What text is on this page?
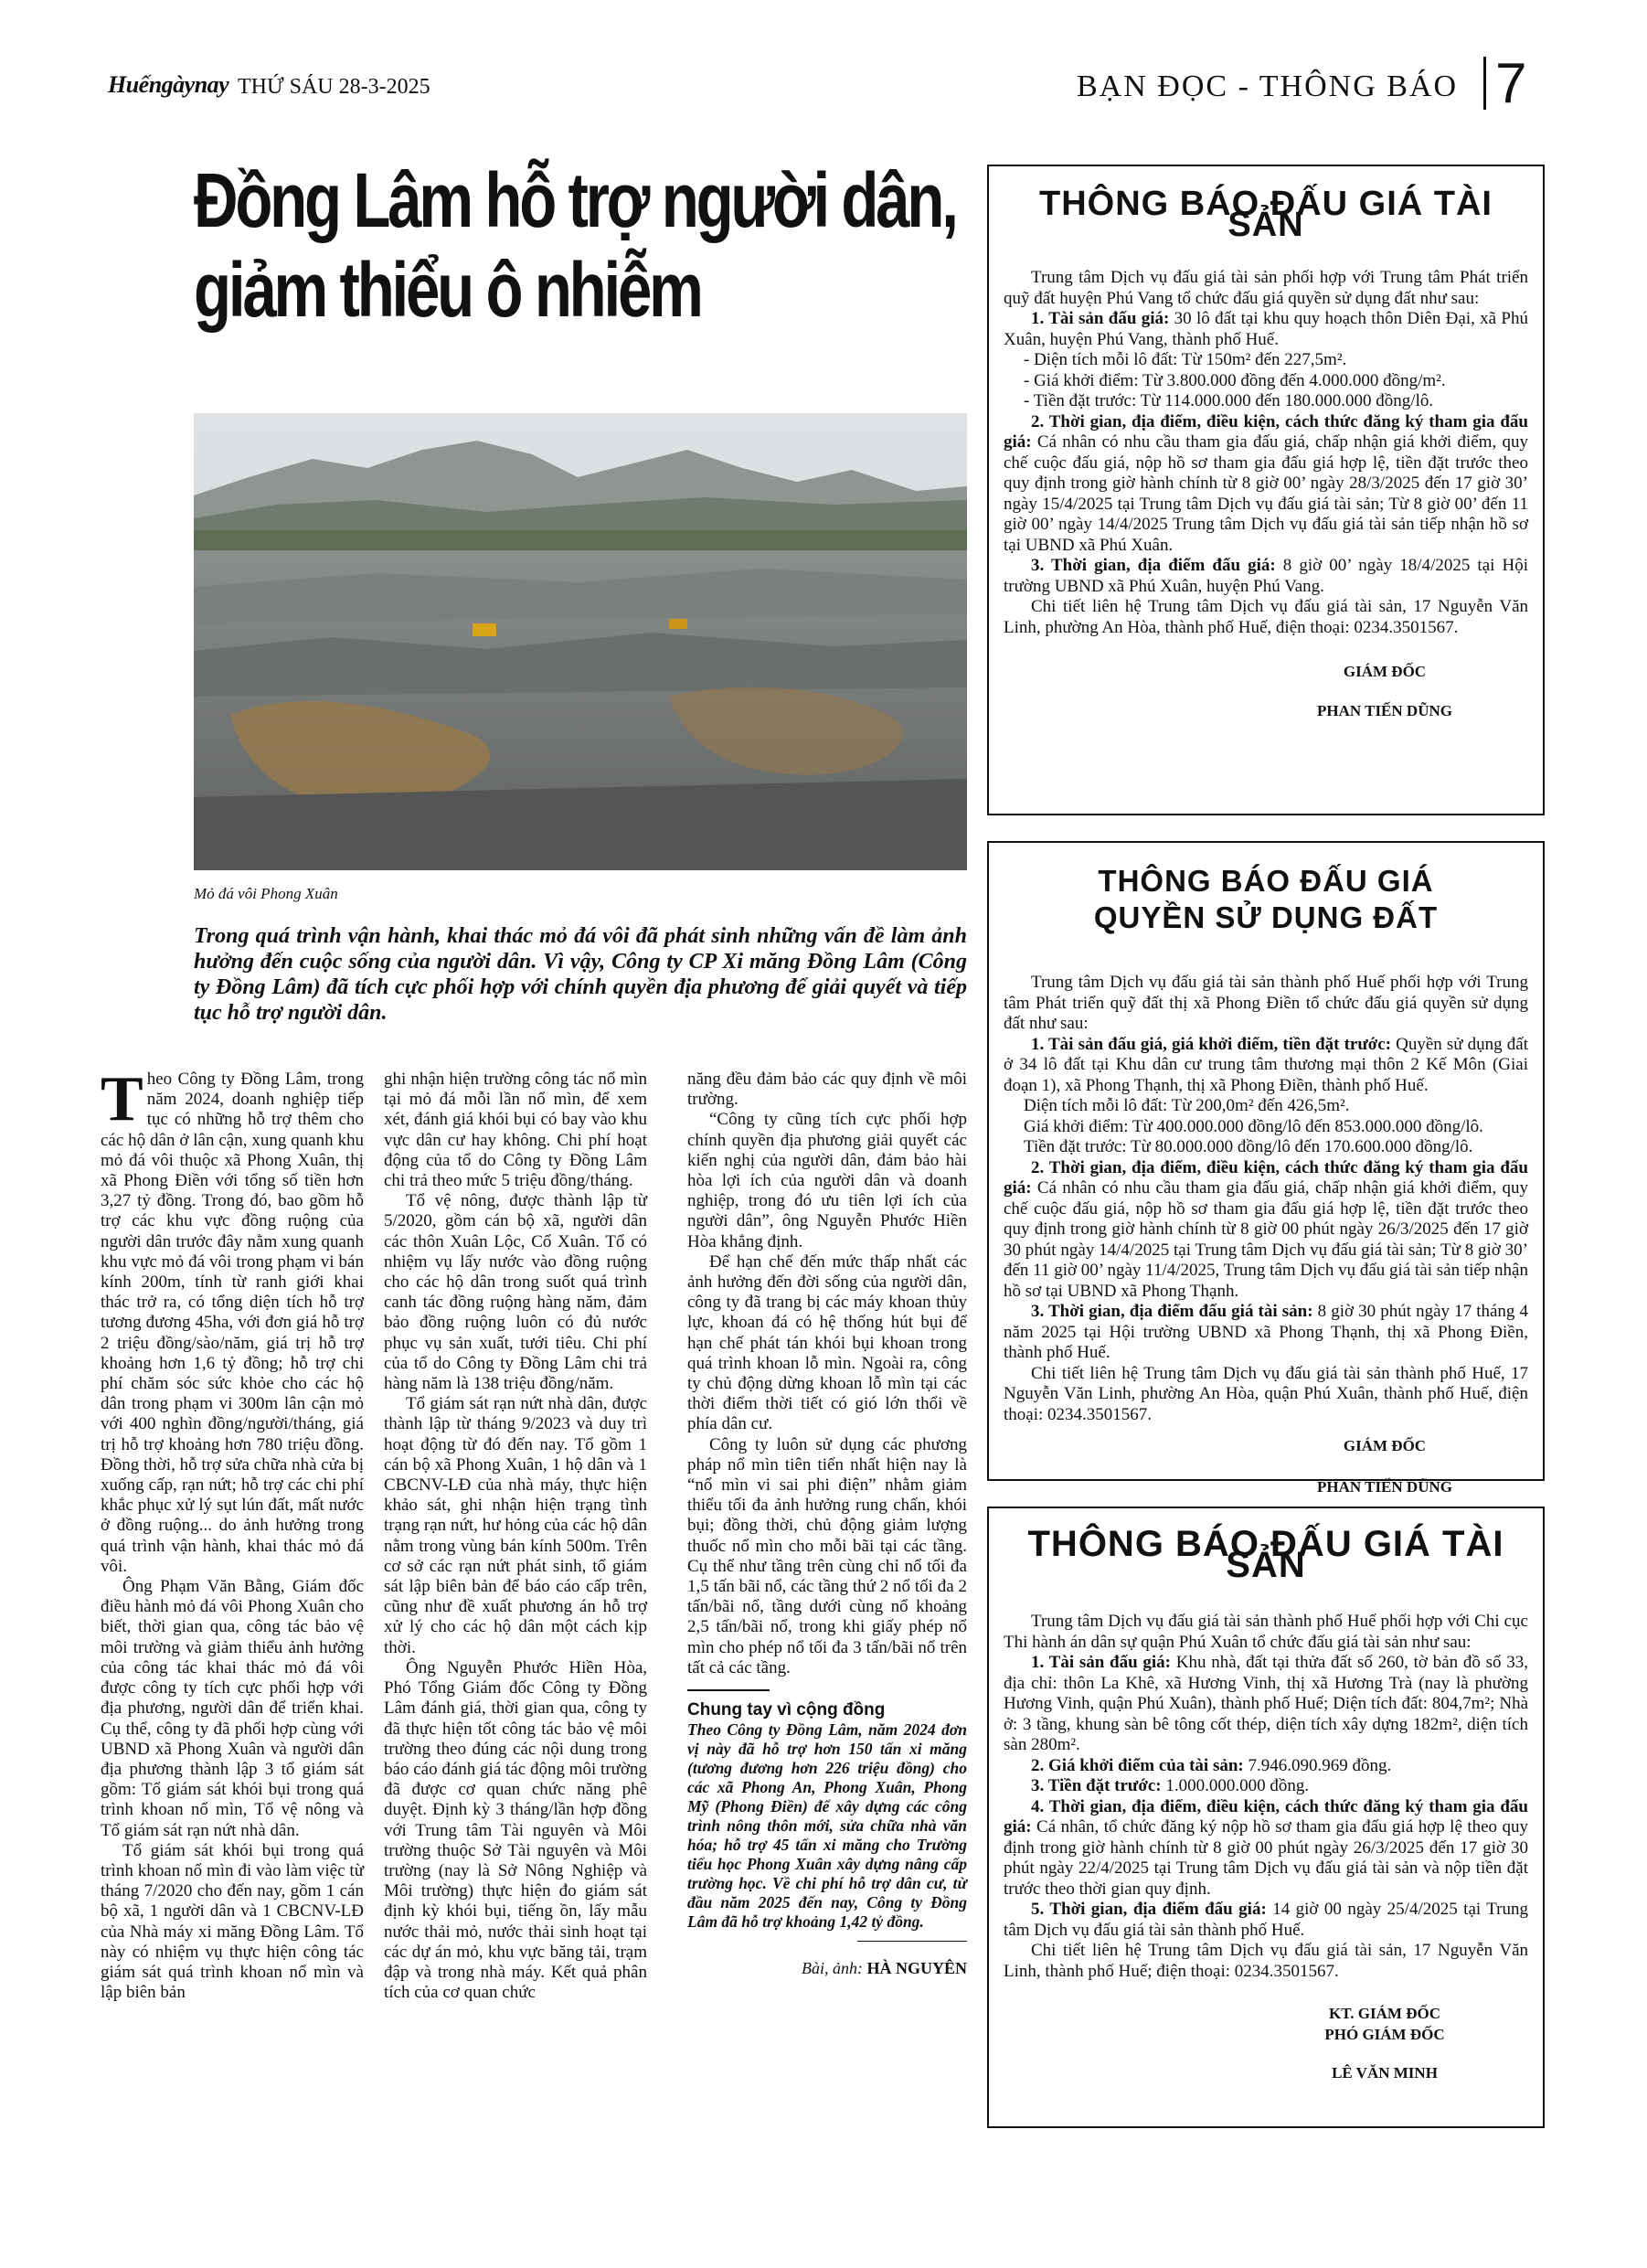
Huếngàynay THỨ SÁU 28-3-2025	BẠN ĐỌC - THÔNG BÁO 7
Đồng Lâm hỗ trợ người dân,
giảm thiểu ô nhiễm
Mỏ đá vôi Phong Xuân
Trong quá trình vận hành, khai thác mỏ đá vôi đã phát sinh những vấn đề làm ảnh hưởng đến cuộc sống của người dân. Vì vậy, Công ty CP Xi măng Đồng Lâm (Công ty Đồng Lâm) đã tích cực phối hợp với chính quyền địa phương để giải quyết và tiếp tục hỗ trợ người dân.

Theo Công ty Đồng Lâm, trong năm 2024, doanh nghiệp tiếp tục có những hỗ trợ thêm cho các hộ dân ở lân cận, xung quanh khu mỏ đá vôi thuộc xã Phong Xuân, thị xã Phong Điền với tổng số tiền hơn 3,27 tỷ đồng. Trong đó, bao gồm hỗ trợ các khu vực đồng ruộng của người dân trước đây nằm xung quanh khu vực mỏ đá vôi trong phạm vi bán kính 200m, tính từ ranh giới khai thác trở ra, có tổng diện tích hỗ trợ tương đương 45ha, với đơn giá hỗ trợ 2 triệu đồng/sào/năm, giá trị hỗ trợ khoảng hơn 1,6 tỷ đồng; hỗ trợ chi phí chăm sóc sức khỏe cho các hộ dân trong phạm vi 300m lân cận mỏ với 400 nghìn đồng/người/tháng, giá trị hỗ trợ khoảng hơn 780 triệu đồng. Đồng thời, hỗ trợ sửa chữa nhà cửa bị xuống cấp, rạn nứt; hỗ trợ các chi phí khắc phục xử lý sụt lún đất, mất nước ở đồng ruộng... do ảnh hưởng trong quá trình vận hành, khai thác mỏ đá vôi.

Ông Phạm Văn Bằng, Giám đốc điều hành mỏ đá vôi Phong Xuân cho biết, thời gian qua, công tác bảo vệ môi trường và giảm thiểu ảnh hưởng của công tác khai thác mỏ đá vôi được công ty tích cực phối hợp với địa phương, người dân để triển khai. Cụ thể, công ty đã phối hợp cùng với UBND xã Phong Xuân và người dân địa phương thành lập 3 tổ giám sát gồm: Tổ giám sát khói bụi trong quá trình khoan nổ mìn, Tổ vệ nông và Tổ giám sát rạn nứt nhà dân.

Tổ giám sát khói bụi trong quá trình khoan nổ mìn đi vào làm việc từ tháng 7/2020 cho đến nay, gồm 1 cán bộ xã, 1 người dân và 1 CBCNV-LĐ của Nhà máy xi măng Đồng Lâm. Tổ này có nhiệm vụ thực hiện công tác giám sát quá trình khoan nổ mìn và lập biên bản

ghi nhận hiện trường công tác nổ mìn tại mỏ đá mỗi lần nổ mìn, để xem xét, đánh giá khói bụi có bay vào khu vực dân cư hay không. Chi phí hoạt động của tổ do Công ty Đồng Lâm chi trả theo mức 5 triệu đồng/tháng.

Tổ vệ nông, được thành lập từ 5/2020, gồm cán bộ xã, người dân các thôn Xuân Lộc, Cổ Xuân. Tổ có nhiệm vụ lấy nước vào đồng ruộng cho các hộ dân trong suốt quá trình canh tác đồng ruộng hàng năm, đảm bảo đồng ruộng luôn có đủ nước phục vụ sản xuất, tưới tiêu. Chi phí của tổ do Công ty Đồng Lâm chi trả hàng năm là 138 triệu đồng/năm.

Tổ giám sát rạn nứt nhà dân, được thành lập từ tháng 9/2023 và duy trì hoạt động từ đó đến nay. Tổ gồm 1 cán bộ xã Phong Xuân, 1 hộ dân và 1 CBCNV-LĐ của nhà máy, thực hiện khảo sát, ghi nhận hiện trạng tình trạng rạn nứt, hư hỏng của các hộ dân nằm trong vùng bán kính 500m. Trên cơ sở các rạn nứt phát sinh, tổ giám sát lập biên bản để báo cáo cấp trên, cũng như đề xuất phương án hỗ trợ xử lý cho các hộ dân một cách kịp thời.

Ông Nguyễn Phước Hiền Hòa, Phó Tổng Giám đốc Công ty Đồng Lâm đánh giá, thời gian qua, công ty đã thực hiện tốt công tác bảo vệ môi trường theo đúng các nội dung trong báo cáo đánh giá tác động môi trường đã được cơ quan chức năng phê duyệt. Định kỳ 3 tháng/lần hợp đồng với Trung tâm Tài nguyên và Môi trường thuộc Sở Tài nguyên và Môi trường (nay là Sở Nông Nghiệp và Môi trường) thực hiện đo giám sát định kỳ khói bụi, tiếng ồn, lấy mẫu nước thải mỏ, nước thải sinh hoạt tại các dự án mỏ, khu vực băng tải, trạm đập và trong nhà máy. Kết quả phân tích của cơ quan chức

năng đều đảm bảo các quy định về môi trường.

“Công ty cũng tích cực phối hợp chính quyền địa phương giải quyết các kiến nghị của người dân, đảm bảo hài hòa lợi ích của người dân và doanh nghiệp, trong đó ưu tiên lợi ích của người dân”, ông Nguyễn Phước Hiền Hòa khẳng định.

Để hạn chế đến mức thấp nhất các ảnh hưởng đến đời sống của người dân, công ty đã trang bị các máy khoan thủy lực, khoan đá có hệ thống hút bụi để hạn chế phát tán khói bụi khoan trong quá trình khoan lỗ mìn. Ngoài ra, công ty chủ động dừng khoan lỗ mìn tại các thời điểm thời tiết có gió lớn thổi về phía dân cư.

Công ty luôn sử dụng các phương pháp nổ mìn tiên tiến nhất hiện nay là “nổ mìn vi sai phi điện” nhằm giảm thiểu tối đa ảnh hưởng rung chấn, khói bụi; đồng thời, chủ động giảm lượng thuốc nổ mìn cho mỗi bãi tại các tầng. Cụ thể như tầng trên cùng chỉ nổ tối đa 1,5 tấn bãi nổ, các tầng thứ 2 nổ tối đa 2 tấn/bãi nổ, tầng dưới cùng nổ khoảng 2,5 tấn/bãi nổ, trong khi giấy phép nổ mìn cho phép nổ tối đa 3 tấn/bãi nổ trên tất cả các tầng.

Chung tay vì cộng đồng
Theo Công ty Đồng Lâm, năm 2024 đơn vị này đã hỗ trợ hơn 150 tấn xi măng (tương đương hơn 226 triệu đồng) cho các xã Phong An, Phong Xuân, Phong Mỹ (Phong Điền) để xây dựng các công trình nông thôn mới, sửa chữa nhà văn hóa; hỗ trợ 45 tấn xi măng cho Trường tiểu học Phong Xuân xây dựng nâng cấp trường học. Về chi phí hỗ trợ dân cư, từ đầu năm 2025 đến nay, Công ty Đồng Lâm đã hỗ trợ khoảng 1,42 tỷ đồng.
Bài, ảnh: HÀ NGUYÊN
THÔNG BÁO ĐẤU GIÁ TÀI SẢN

Trung tâm Dịch vụ đấu giá tài sản phối hợp với Trung tâm Phát triển quỹ đất huyện Phú Vang tổ chức đấu giá quyền sử dụng đất như sau:

1. Tài sản đấu giá: 30 lô đất tại khu quy hoạch thôn Diên Đại, xã Phú Xuân, huyện Phú Vang, thành phố Huế.

- Diện tích mỗi lô đất: Từ 150m² đến 227,5m².

- Giá khởi điểm: Từ 3.800.000 đồng đến 4.000.000 đồng/m².

- Tiền đặt trước: Từ 114.000.000 đến 180.000.000 đồng/lô.

2. Thời gian, địa điểm, điều kiện, cách thức đăng ký tham gia đấu giá: Cá nhân có nhu cầu tham gia đấu giá, chấp nhận giá khởi điểm, quy chế cuộc đấu giá, nộp hồ sơ tham gia đấu giá hợp lệ, tiền đặt trước theo quy định trong giờ hành chính từ 8 giờ 00’ ngày 28/3/2025 đến 17 giờ 30’ ngày 15/4/2025 tại Trung tâm Dịch vụ đấu giá tài sản; Từ 8 giờ 00’ đến 11 giờ 00’ ngày 14/4/2025 Trung tâm Dịch vụ đấu giá tài sản tiếp nhận hồ sơ tại UBND xã Phú Xuân.

3. Thời gian, địa điểm đấu giá: 8 giờ 00’ ngày 18/4/2025 tại Hội trường UBND xã Phú Xuân, huyện Phú Vang.

Chi tiết liên hệ Trung tâm Dịch vụ đấu giá tài sản, 17 Nguyễn Văn Linh, phường An Hòa, thành phố Huế, điện thoại: 0234.3501567.

GIÁM ĐỐC
PHAN TIẾN DŨNG
THÔNG BÁO ĐẤU GIÁ
QUYỀN SỬ DỤNG ĐẤT

Trung tâm Dịch vụ đấu giá tài sản thành phố Huế phối hợp với Trung tâm Phát triển quỹ đất thị xã Phong Điền tổ chức đấu giá quyền sử dụng đất như sau:

1. Tài sản đấu giá, giá khởi điểm, tiền đặt trước: Quyền sử dụng đất ở 34 lô đất tại Khu dân cư trung tâm thương mại thôn 2 Kế Môn (Giai đoạn 1), xã Phong Thạnh, thị xã Phong Điền, thành phố Huế.

Diện tích mỗi lô đất: Từ 200,0m² đến 426,5m².

Giá khởi điểm: Từ 400.000.000 đồng/lô đến 853.000.000 đồng/lô.

Tiền đặt trước: Từ 80.000.000 đồng/lô đến 170.600.000 đồng/lô.

2. Thời gian, địa điểm, điều kiện, cách thức đăng ký tham gia đấu giá: Cá nhân có nhu cầu tham gia đấu giá, chấp nhận giá khởi điểm, quy chế cuộc đấu giá, nộp hồ sơ tham gia đấu giá hợp lệ, tiền đặt trước theo quy định trong giờ hành chính từ 8 giờ 00 phút ngày 26/3/2025 đến 17 giờ 30 phút ngày 14/4/2025 tại Trung tâm Dịch vụ đấu giá tài sản; Từ 8 giờ 30’ đến 11 giờ 00’ ngày 11/4/2025, Trung tâm Dịch vụ đấu giá tài sản tiếp nhận hồ sơ tại UBND xã Phong Thạnh.

3. Thời gian, địa điểm đấu giá tài sản: 8 giờ 30 phút ngày 17 tháng 4 năm 2025 tại Hội trường UBND xã Phong Thạnh, thị xã Phong Điền, thành phố Huế.

Chi tiết liên hệ Trung tâm Dịch vụ đấu giá tài sản thành phố Huế, 17 Nguyễn Văn Linh, phường An Hòa, quận Phú Xuân, thành phố Huế, điện thoại: 0234.3501567.

GIÁM ĐỐC
PHAN TIẾN DŨNG
THÔNG BÁO ĐẤU GIÁ TÀI SẢN

Trung tâm Dịch vụ đấu giá tài sản thành phố Huế phối hợp với Chi cục Thi hành án dân sự quận Phú Xuân tổ chức đấu giá tài sản như sau:

1. Tài sản đấu giá: Khu nhà, đất tại thửa đất số 260, tờ bản đồ số 33, địa chỉ: thôn La Khê, xã Hương Vinh, thị xã Hương Trà (nay là phường Hương Vinh, quận Phú Xuân), thành phố Huế; Diện tích đất: 804,7m²; Nhà ở: 3 tầng, khung sàn bê tông cốt thép, diện tích xây dựng 182m², diện tích sàn 280m².

2. Giá khởi điểm của tài sản: 7.946.090.969 đồng.

3. Tiền đặt trước: 1.000.000.000 đồng.

4. Thời gian, địa điểm, điều kiện, cách thức đăng ký tham gia đấu giá: Cá nhân, tổ chức đăng ký nộp hồ sơ tham gia đấu giá hợp lệ theo quy định trong giờ hành chính từ 8 giờ 00 phút ngày 26/3/2025 đến 17 giờ 30 phút ngày 22/4/2025 tại Trung tâm Dịch vụ đấu giá tài sản và nộp tiền đặt trước theo thời gian quy định.

5. Thời gian, địa điểm đấu giá: 14 giờ 00 ngày 25/4/2025 tại Trung tâm Dịch vụ đấu giá tài sản thành phố Huế.

Chi tiết liên hệ Trung tâm Dịch vụ đấu giá tài sản, 17 Nguyễn Văn Linh, thành phố Huế; điện thoại: 0234.3501567.

KT. GIÁM ĐỐC
PHÓ GIÁM ĐỐC
LÊ VĂN MINH
